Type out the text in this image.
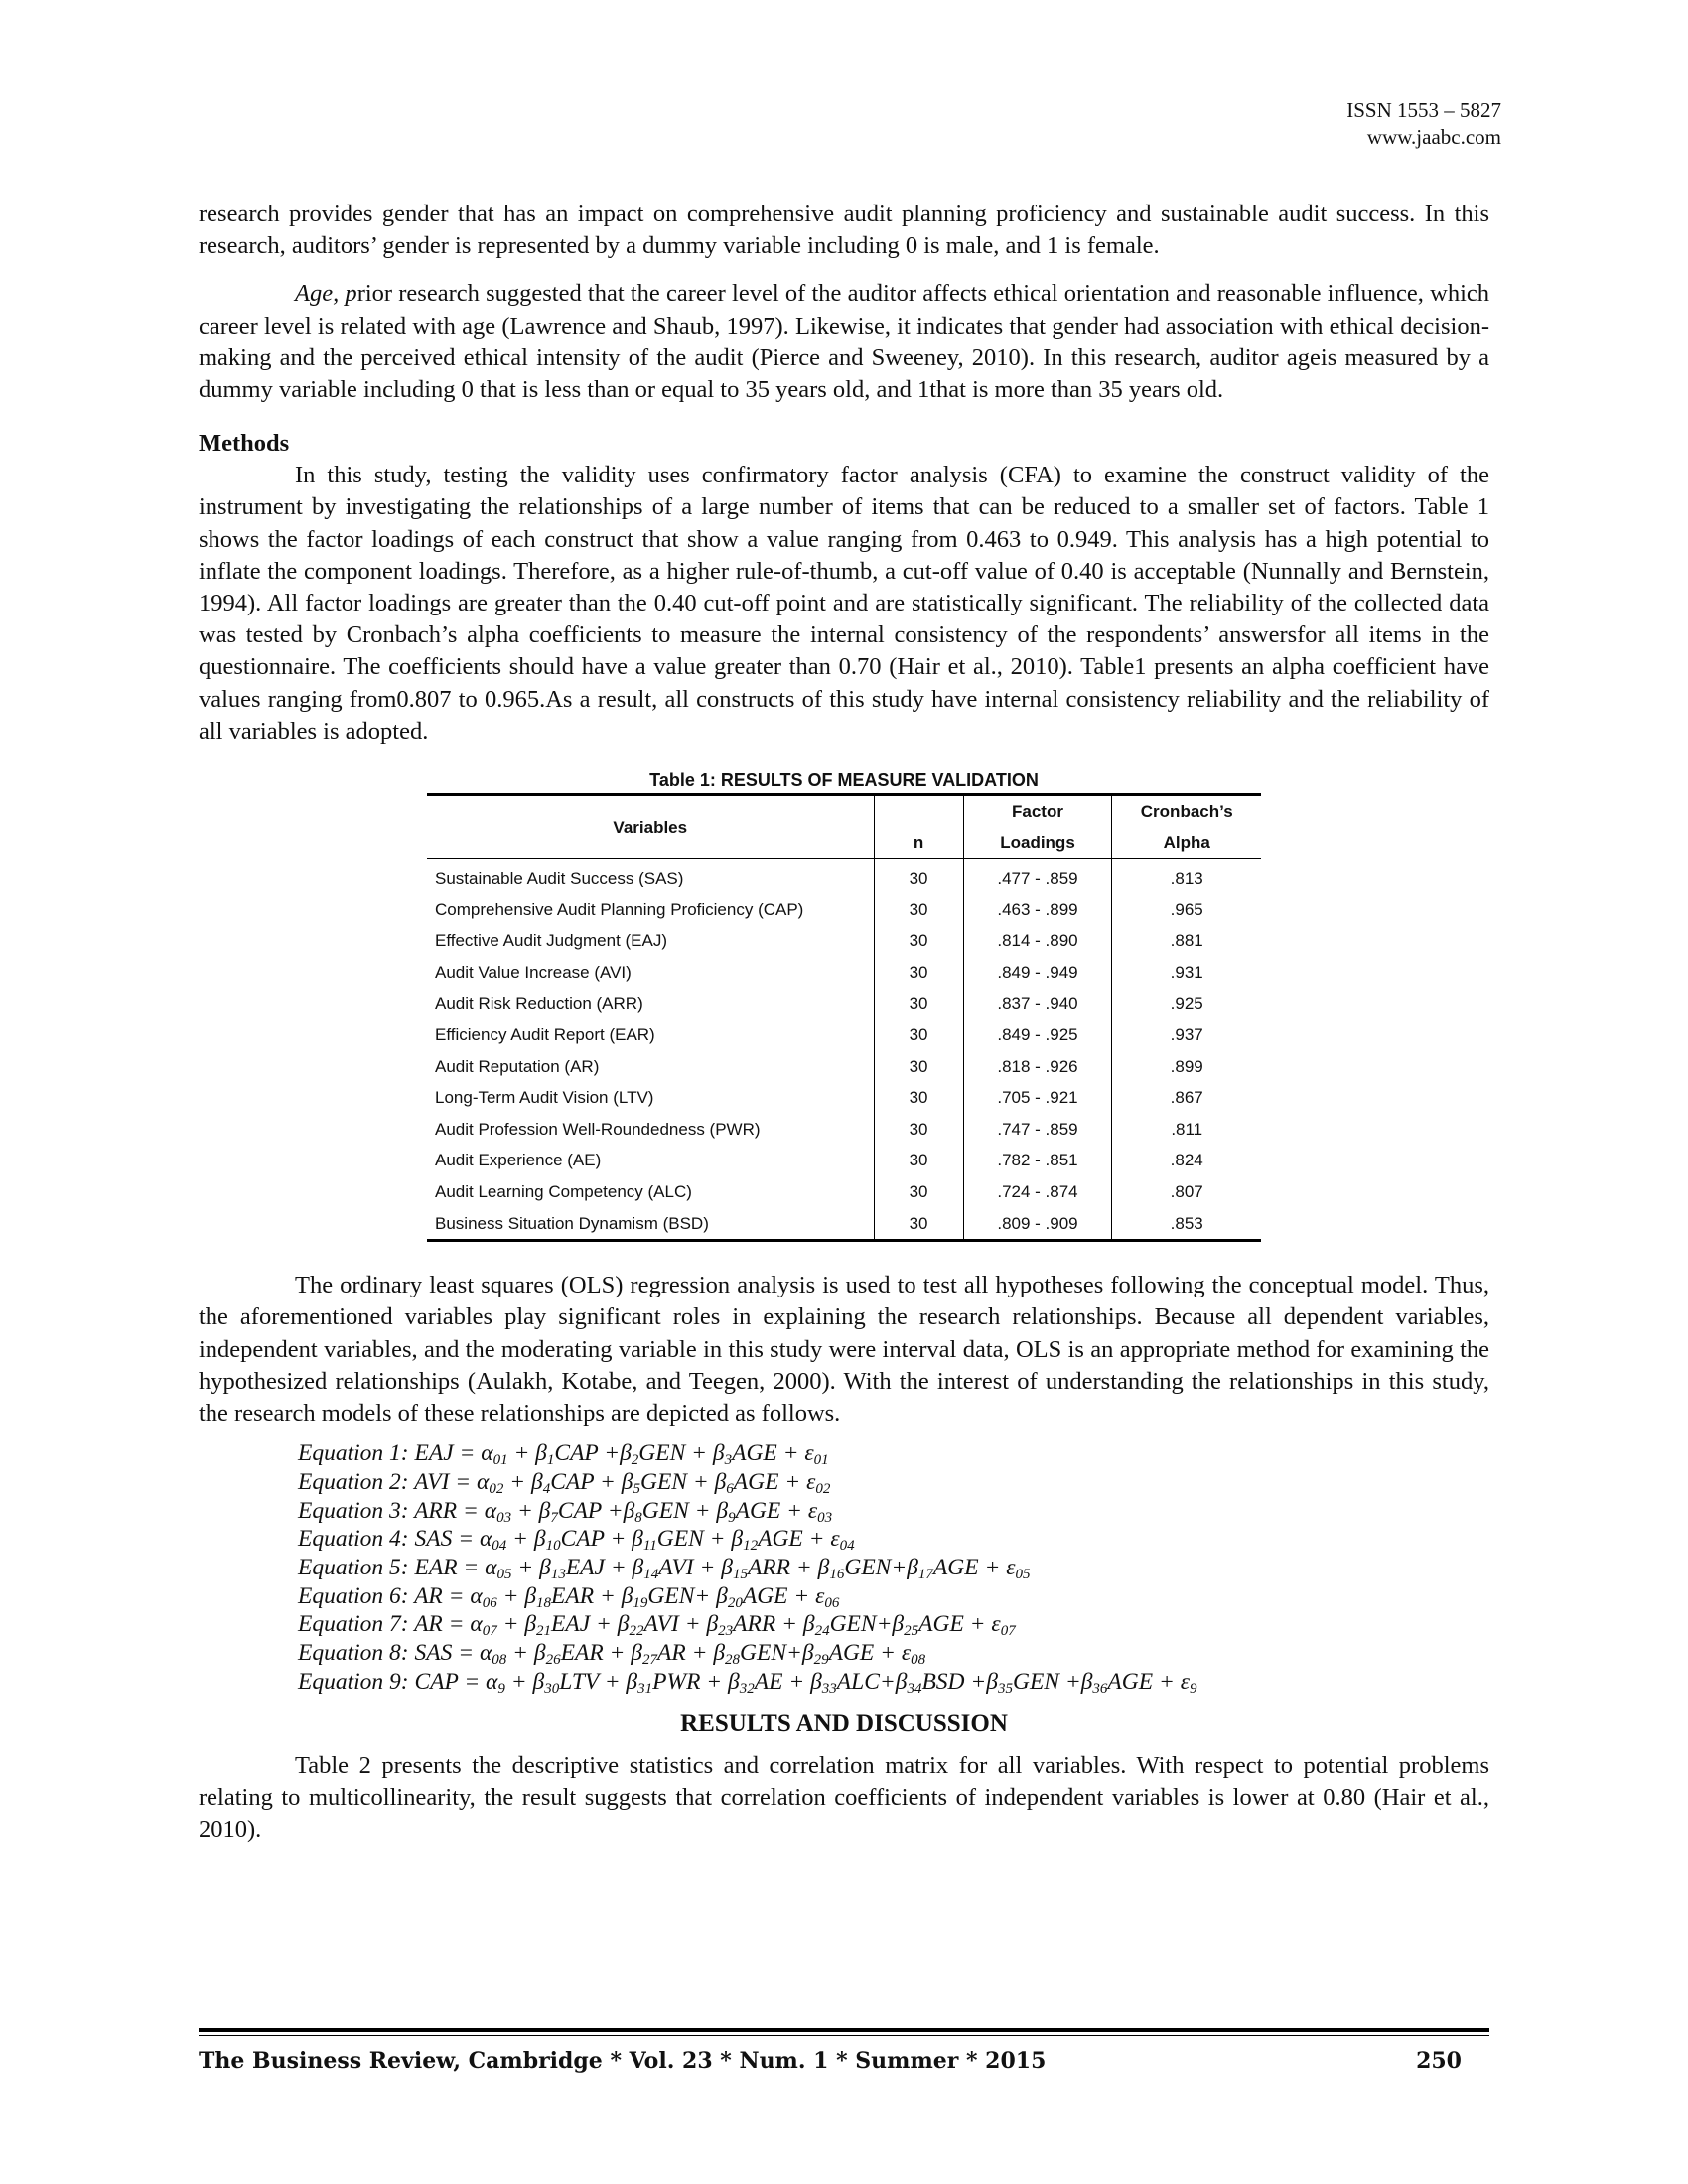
ISSN 1553 – 5827
www.jaabc.com

research provides gender that has an impact on comprehensive audit planning proficiency and sustainable audit success. In this research, auditors’ gender is represented by a dummy variable including 0 is male, and 1 is female.

Age, prior research suggested that the career level of the auditor affects ethical orientation and reasonable influence, which career level is related with age (Lawrence and Shaub, 1997). Likewise, it indicates that gender had association with ethical decision-making and the perceived ethical intensity of the audit (Pierce and Sweeney, 2010). In this research, auditor ageis measured by a dummy variable including 0 that is less than or equal to 35 years old, and 1that is more than 35 years old.

Methods

In this study, testing the validity uses confirmatory factor analysis (CFA) to examine the construct validity of the instrument by investigating the relationships of a large number of items that can be reduced to a smaller set of factors. Table 1 shows the factor loadings of each construct that show a value ranging from 0.463 to 0.949. This analysis has a high potential to inflate the component loadings. Therefore, as a higher rule-of-thumb, a cut-off value of 0.40 is acceptable (Nunnally and Bernstein, 1994). All factor loadings are greater than the 0.40 cut-off point and are statistically significant. The reliability of the collected data was tested by Cronbach’s alpha coefficients to measure the internal consistency of the respondents’ answersfor all items in the questionnaire. The coefficients should have a value greater than 0.70 (Hair et al., 2010). Table1 presents an alpha coefficient have values ranging from0.807 to 0.965.As a result, all constructs of this study have internal consistency reliability and the reliability of all variables is adopted.

Table 1: RESULTS OF MEASURE VALIDATION
Variables		Factor	Cronbach’s
	n	Loadings	Alpha
Sustainable Audit Success (SAS)	30	.477 - .859	.813
Comprehensive Audit Planning Proficiency (CAP)	30	.463 - .899	.965
Effective Audit Judgment (EAJ)	30	.814 - .890	.881
Audit Value Increase (AVI)	30	.849 - .949	.931
Audit Risk Reduction (ARR)	30	.837 - .940	.925
Efficiency Audit Report (EAR)	30	.849 - .925	.937
Audit Reputation (AR)	30	.818 - .926	.899
Long-Term Audit Vision (LTV)	30	.705 - .921	.867
Audit Profession Well-Roundedness (PWR)	30	.747 - .859	.811
Audit Experience (AE)	30	.782 - .851	.824
Audit Learning Competency (ALC)	30	.724 - .874	.807
Business Situation Dynamism (BSD)	30	.809 - .909	.853

The ordinary least squares (OLS) regression analysis is used to test all hypotheses following the conceptual model. Thus, the aforementioned variables play significant roles in explaining the research relationships. Because all dependent variables, independent variables, and the moderating variable in this study were interval data, OLS is an appropriate method for examining the hypothesized relationships (Aulakh, Kotabe, and Teegen, 2000). With the interest of understanding the relationships in this study, the research models of these relationships are depicted as follows.

Equation 1: EAJ = $\alpha_{01} + \beta_1CAP +\beta_2GEN + \beta_3AGE + \varepsilon_{01}$
Equation 2: AVI = $\alpha_{02} + \beta_4CAP + \beta_5GEN + \beta_6AGE + \varepsilon_{02}$
Equation 3: ARR = $\alpha_{03} + \beta_7CAP +\beta_8GEN + \beta_9AGE + \varepsilon_{03}$
Equation 4: SAS = $\alpha_{04} + \beta_{10}CAP + \beta_{11}GEN + \beta_{12}AGE + \varepsilon_{04}$
Equation 5: EAR = $\alpha_{05} + \beta_{13}EAJ + \beta_{14}AVI + \beta_{15}ARR + \beta_{16}GEN+\beta_{17}AGE + \varepsilon_{05}$
Equation 6: AR = $\alpha_{06} + \beta_{18}EAR + \beta_{19}GEN+ \beta_{20}AGE + \varepsilon_{06}$
Equation 7: AR = $\alpha_{07} + \beta_{21}EAJ + \beta_{22}AVI + \beta_{23}ARR + \beta_{24}GEN+\beta_{25}AGE + \varepsilon_{07}$
Equation 8: SAS = $\alpha_{08} + \beta_{26}EAR + \beta_{27}AR + \beta_{28}GEN+\beta_{29}AGE + \varepsilon_{08}$
Equation 9: CAP = $\alpha_9 + \beta_{30}LTV + \beta_{31}PWR + \beta_{32}AE + \beta_{33}ALC+\beta_{34}BSD +\beta_{35}GEN +\beta_{36}AGE + \varepsilon_9$
RESULTS AND DISCUSSION

Table 2 presents the descriptive statistics and correlation matrix for all variables. With respect to potential problems relating to multicollinearity, the result suggests that correlation coefficients of independent variables is lower at 0.80 (Hair et al., 2010).

The Business Review, Cambridge * Vol. 23 * Num. 1 * Summer * 2015	250
